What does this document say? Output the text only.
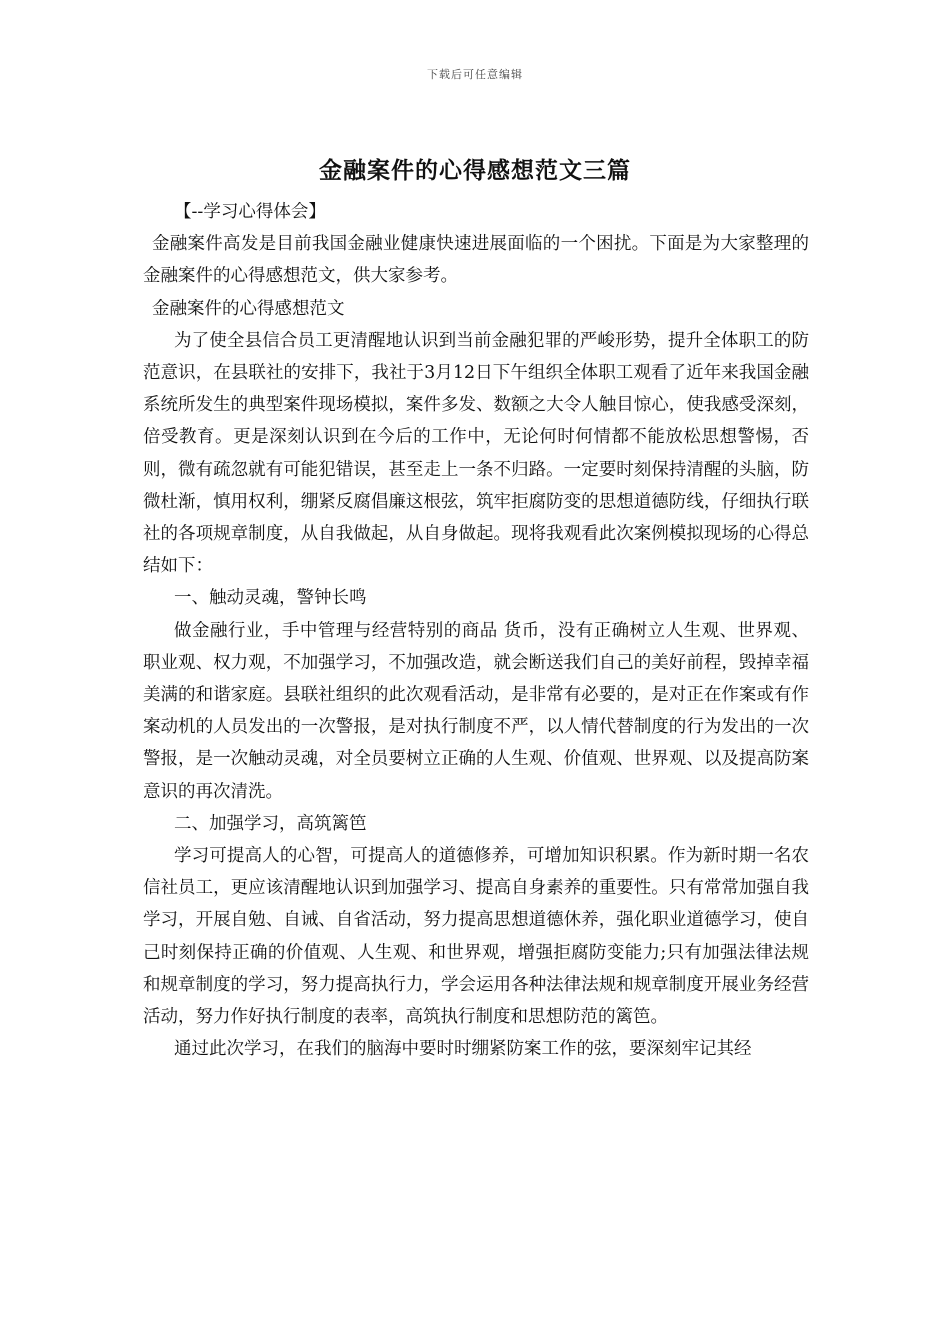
下载后可任意编辑
金融案件的心得感想范文三篇

【--学习心得体会】

金融案件高发是目前我国金融业健康快速进展面临的一个困扰。下面是为大家整理的金融案件的心得感想范文，供大家参考。

金融案件的心得感想范文

为了使全县信合员工更清醒地认识到当前金融犯罪的严峻形势，提升全体职工的防范意识，在县联社的安排下，我社于3月12日下午组织全体职工观看了近年来我国金融系统所发生的典型案件现场模拟，案件多发、数额之大令人触目惊心，使我感受深刻，倍受教育。更是深刻认识到在今后的工作中，无论何时何情都不能放松思想警惕，否则，微有疏忽就有可能犯错误，甚至走上一条不归路。一定要时刻保持清醒的头脑，防微杜渐，慎用权利，绷紧反腐倡廉这根弦，筑牢拒腐防变的思想道德防线，仔细执行联社的各项规章制度，从自我做起，从自身做起。现将我观看此次案例模拟现场的心得总结如下：

一、触动灵魂，警钟长鸣

做金融行业，手中管理与经营特别的商品 货币，没有正确树立人生观、世界观、职业观、权力观，不加强学习，不加强改造，就会断送我们自己的美好前程，毁掉幸福美满的和谐家庭。县联社组织的此次观看活动，是非常有必要的，是对正在作案或有作案动机的人员发出的一次警报，是对执行制度不严，以人情代替制度的行为发出的一次警报，是一次触动灵魂，对全员要树立正确的人生观、价值观、世界观、以及提高防案意识的再次清洗。

二、加强学习，高筑篱笆

学习可提高人的心智，可提高人的道德修养，可增加知识积累。作为新时期一名农信社员工，更应该清醒地认识到加强学习、提高自身素养的重要性。只有常常加强自我学习，开展自勉、自诫、自省活动，努力提高思想道德休养，强化职业道德学习，使自己时刻保持正确的价值观、人生观、和世界观，增强拒腐防变能力;只有加强法律法规和规章制度的学习，努力提高执行力，学会运用各种法律法规和规章制度开展业务经营活动，努力作好执行制度的表率，高筑执行制度和思想防范的篱笆。

通过此次学习，在我们的脑海中要时时绷紧防案工作的弦，要深刻牢记其经
